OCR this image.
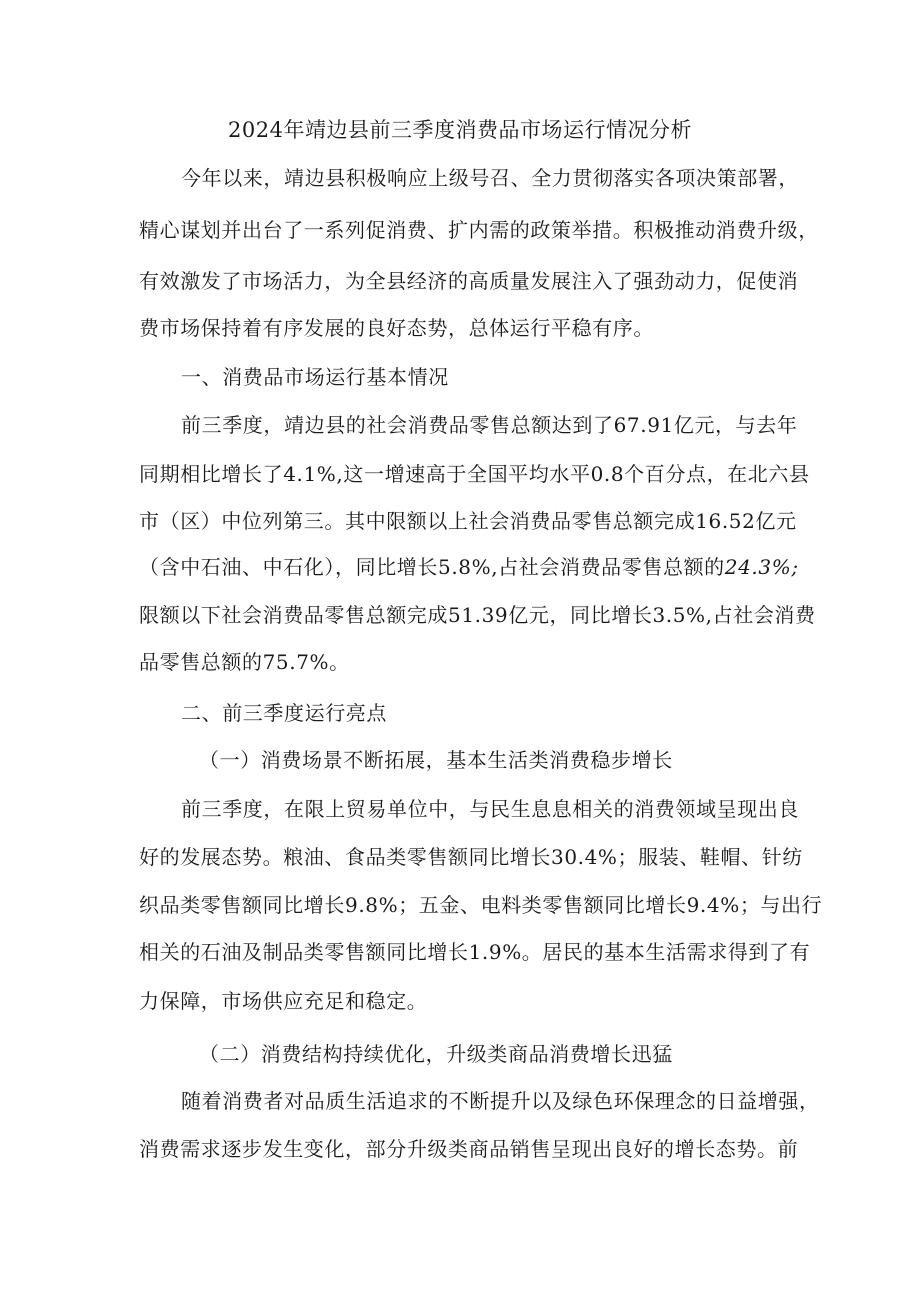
2024年靖边县前三季度消费品市场运行情况分析

今年以来，靖边县积极响应上级号召、全力贯彻落实各项决策部署，

精心谋划并出台了一系列促消费、扩内需的政策举措。积极推动消费升级，

有效激发了市场活力，为全县经济的高质量发展注入了强劲动力，促使消

费市场保持着有序发展的良好态势，总体运行平稳有序。

一、消费品市场运行基本情况

前三季度，靖边县的社会消费品零售总额达到了67.91亿元，与去年

同期相比增长了4.1%,这一增速高于全国平均水平0.8个百分点，在北六县

市（区）中位列第三。其中限额以上社会消费品零售总额完成16.52亿元

（含中石油、中石化），同比增长5.8%,占社会消费品零售总额的24.3%;

限额以下社会消费品零售总额完成51.39亿元，同比增长3.5%,占社会消费

品零售总额的75.7%。

二、前三季度运行亮点

（一）消费场景不断拓展，基本生活类消费稳步增长

前三季度，在限上贸易单位中，与民生息息相关的消费领域呈现出良

好的发展态势。粮油、食品类零售额同比增长30.4%；服装、鞋帽、针纺

织品类零售额同比增长9.8%；五金、电料类零售额同比增长9.4%；与出行

相关的石油及制品类零售额同比增长1.9%。居民的基本生活需求得到了有

力保障，市场供应充足和稳定。

（二）消费结构持续优化，升级类商品消费增长迅猛

随着消费者对品质生活追求的不断提升以及绿色环保理念的日益增强，

消费需求逐步发生变化，部分升级类商品销售呈现出良好的增长态势。前
